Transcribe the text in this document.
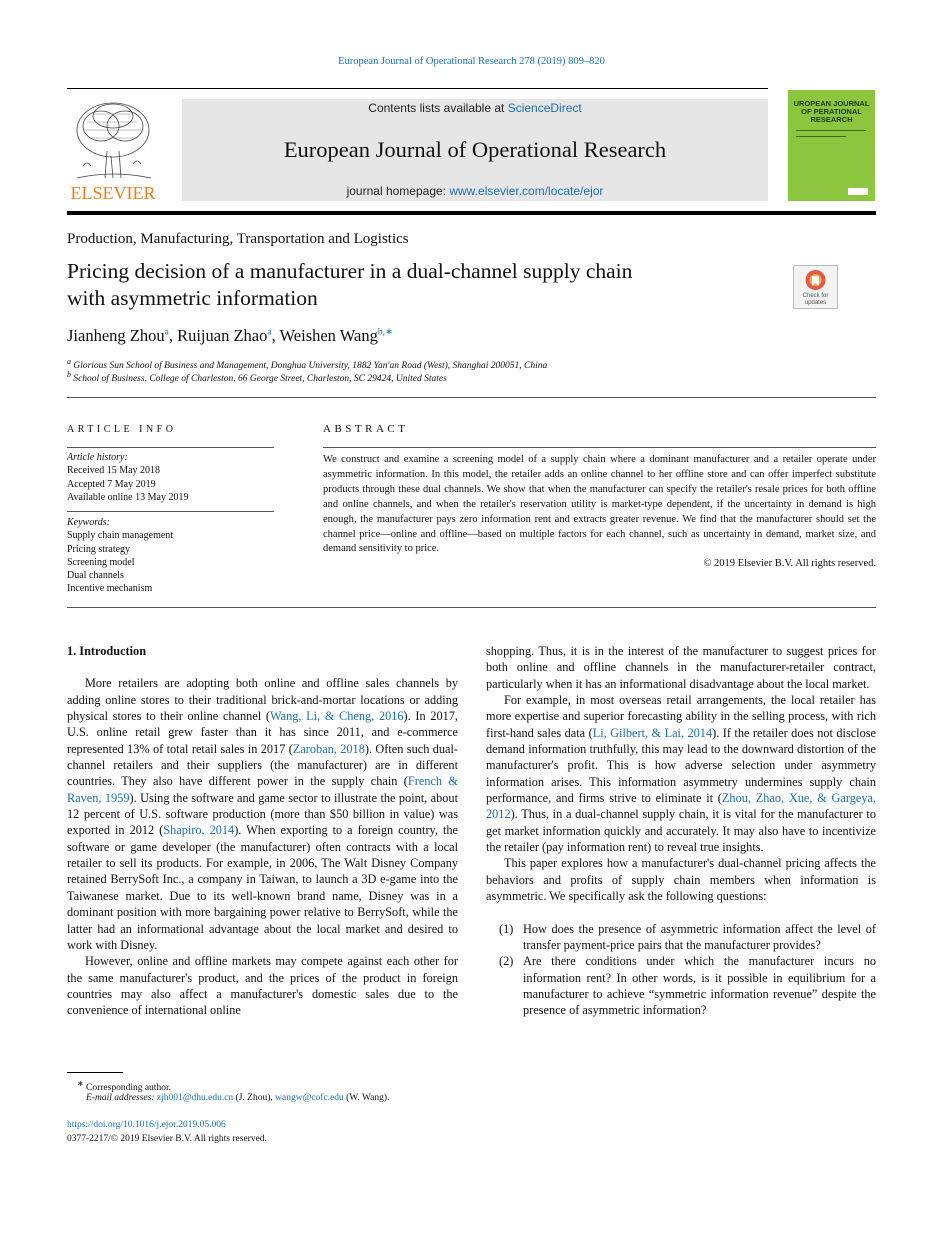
European Journal of Operational Research 278 (2019) 809–820
ELSEVIER
Contents lists available at ScienceDirect
European Journal of Operational Research
journal homepage: www.elsevier.com/locate/ejor
UROPEAN JOURNAL OF PERATIONAL RESEARCH
Production, Manufacturing, Transportation and Logistics
Pricing decision of a manufacturer in a dual-channel supply chain
with asymmetric information	Check for updates
Jianheng Zhou$^a$, Ruijuan Zhao$^a$, Weishen Wang$^{b,∗}$
$^a$ Glorious Sun School of Business and Management, Donghua University, 1882 Yan'an Road (West), Shanghai 200051, China
$^b$ School of Business, College of Charleston, 66 George Street, Charleston, SC 29424, United States
ARTICLE INFO
Article history:
Received 15 May 2018
Accepted 7 May 2019
Available online 13 May 2019
Keywords:
Supply chain management
Pricing strategy
Screening model
Dual channels
Incentive mechanism
ABSTRACT
We construct and examine a screening model of a supply chain where a dominant manufacturer and a retailer operate under asymmetric information. In this model, the retailer adds an online channel to her offline store and can offer imperfect substitute products through these dual channels. We show that when the manufacturer can specify the retailer's resale prices for both offline and online channels, and when the retailer's reservation utility is market-type dependent, if the uncertainty in demand is high enough, the manufacturer pays zero information rent and extracts greater revenue. We find that the manufacturer should set the channel price—online and offline—based on multiple factors for each channel, such as uncertainty in demand, market size, and demand sensitivity to price.
© 2019 Elsevier B.V. All rights reserved.

1. Introduction

More retailers are adopting both online and offline sales channels by adding online stores to their traditional brick-and-mortar locations or adding physical stores to their online channel (Wang, Li, & Cheng, 2016). In 2017, U.S. online retail grew faster than it has since 2011, and e-commerce represented 13% of total retail sales in 2017 (Zaroban, 2018). Often such dual-channel retailers and their suppliers (the manufacturer) are in different countries. They also have different power in the supply chain (French & Raven, 1959). Using the software and game sector to illustrate the point, about 12 percent of U.S. software production (more than $50 billion in value) was exported in 2012 (Shapiro, 2014). When exporting to a foreign country, the software or game developer (the manufacturer) often contracts with a local retailer to sell its products. For example, in 2006, The Walt Disney Company retained BerrySoft Inc., a company in Taiwan, to launch a 3D e-game into the Taiwanese market. Due to its well-known brand name, Disney was in a dominant position with more bargaining power relative to BerrySoft, while the latter had an informational advantage about the local market and desired to work with Disney.

However, online and offline markets may compete against each other for the same manufacturer's product, and the prices of the product in foreign countries may also affect a manufacturer's domestic sales due to the convenience of international online

shopping. Thus, it is in the interest of the manufacturer to suggest prices for both online and offline channels in the manufacturer-retailer contract, particularly when it has an informational disadvantage about the local market.

For example, in most overseas retail arrangements, the local retailer has more expertise and superior forecasting ability in the selling process, with rich first-hand sales data (Li, Gilbert, & Lai, 2014). If the retailer does not disclose demand information truthfully, this may lead to the downward distortion of the manufacturer's profit. This is how adverse selection under asymmetry information arises. This information asymmetry undermines supply chain performance, and firms strive to eliminate it (Zhou, Zhao, Xue, & Gargeya, 2012). Thus, in a dual-channel supply chain, it is vital for the manufacturer to get market information quickly and accurately. It may also have to incentivize the retailer (pay information rent) to reveal true insights.

This paper explores how a manufacturer's dual-channel pricing affects the behaviors and profits of supply chain members when information is asymmetric. We specifically ask the following questions:

(1) How does the presence of asymmetric information affect the level of transfer payment-price pairs that the manufacturer provides?
(2) Are there conditions under which the manufacturer incurs no information rent? In other words, is it possible in equilibrium for a manufacturer to achieve “symmetric information revenue” despite the presence of asymmetric information?
∗ Corresponding author.
E-mail addresses: zjh001@dhu.edu.cn (J. Zhou), wangw@cofc.edu (W. Wang).
https://doi.org/10.1016/j.ejor.2019.05.006
0377-2217/© 2019 Elsevier B.V. All rights reserved.
